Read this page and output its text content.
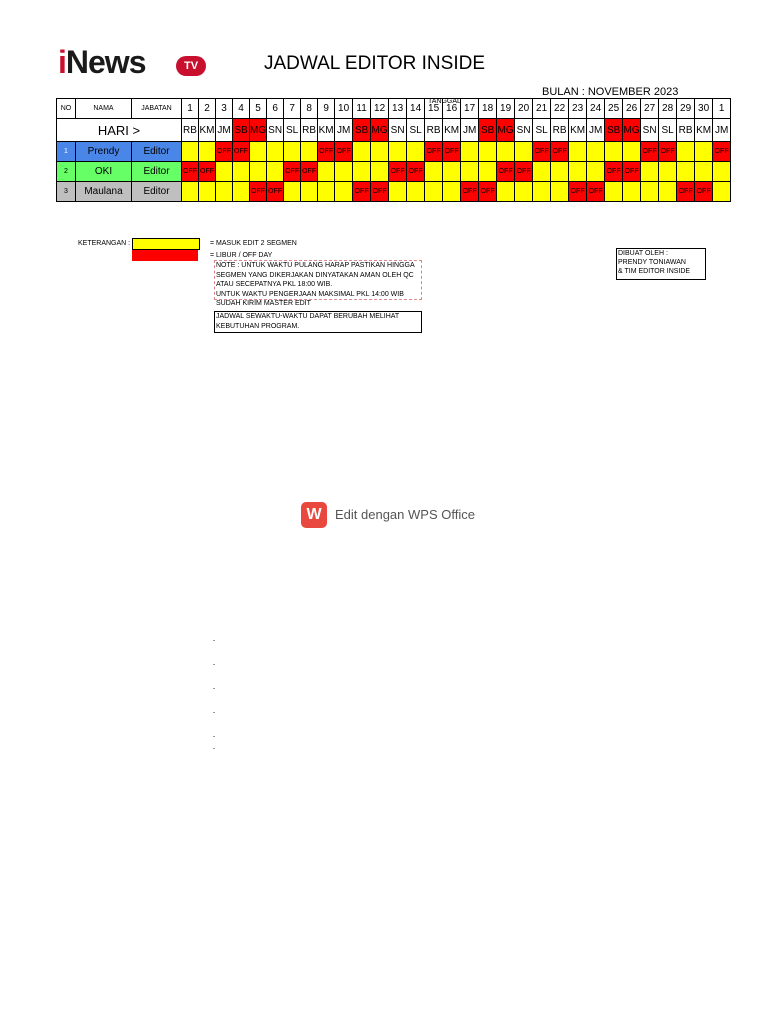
iNews	TV	JADWAL EDITOR INSIDE
BULAN : NOVEMBER 2023
TANGGAL
NO	NAMA	JABATAN	1	2	3	4	5	6	7	8	9	10	11	12	13	14	15	16	17	18	19	20	21	22	23	24	25	26	27	28	29	30	1
HARI >			RB	KM	JM	SB	MG	SN	SL	RB	KM	JM	SB	MG	SN	SL	RB	KM	JM	SB	MG	SN	SL	RB	KM	JM	SB	MG	SN	SL	RB	KM	JM
1	Prendy	Editor			OFF	OFF					OFF	OFF					OFF	OFF					OFF	OFF					OFF	OFF			OFF
2	OKI	Editor	OFF	OFF					OFF	OFF					OFF	OFF					OFF	OFF					OFF	OFF					
3	Maulana	Editor					OFF	OFF					OFF	OFF					OFF	OFF					OFF	OFF					OFF	OFF	
KETERANGAN :	= MASUK EDIT 2 SEGMEN
= LIBUR / OFF DAY
NOTE : UNTUK WAKTU PULANG HARAP PASTIKAN HINGGA
SEGMEN YANG DIKERJAKAN DINYATAKAN AMAN OLEH QC
ATAU SECEPATNYA PKL 18:00 WIB.
UNTUK WAKTU PENGERJAAN MAKSIMAL PKL 14:00 WIB
SUDAH KIRIM MASTER EDIT
JADWAL SEWAKTU-WAKTU DAPAT BERUBAH MELIHAT
KEBUTUHAN PROGRAM.
DIBUAT OLEH :
PRENDY TONIAWAN
& TIM EDITOR INSIDE
W	Edit dengan WPS Office
